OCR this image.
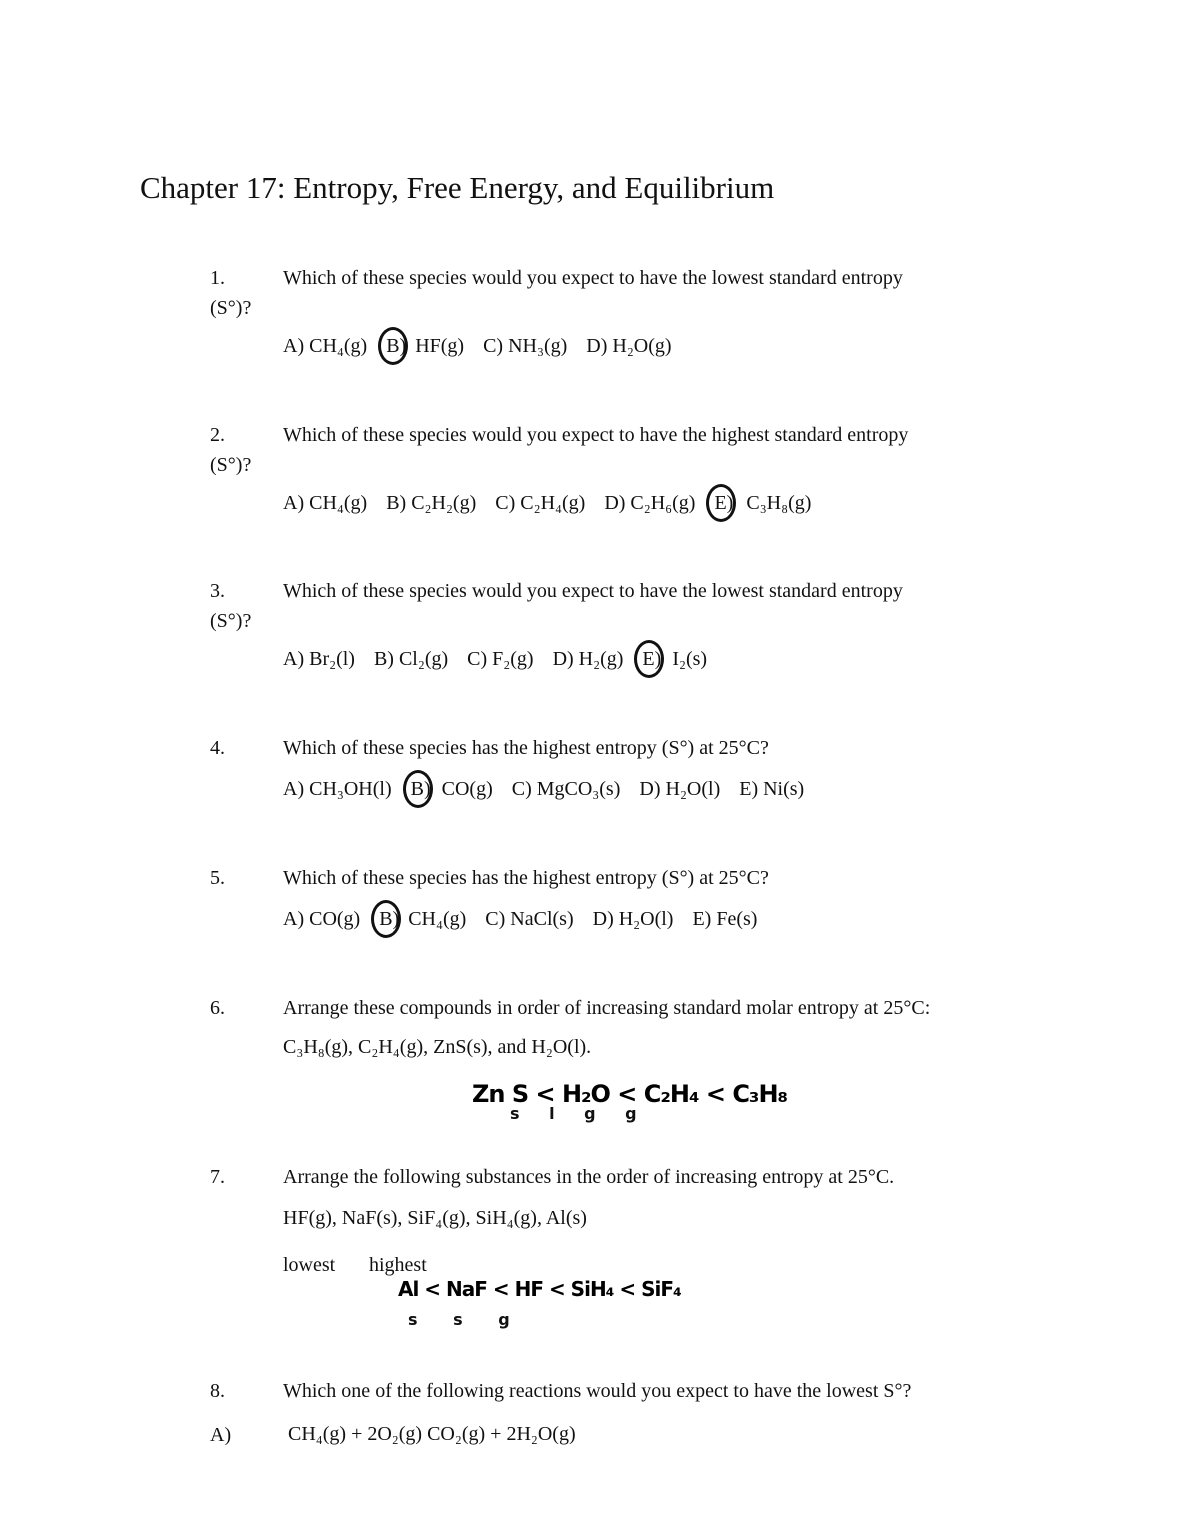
Chapter 17: Entropy, Free Energy, and Equilibrium
1.	Which of these species would you expect to have the lowest standard entropy
(S°)?
A) CH₄(g) B) HF(g) C) NH₃(g) D) H₂O(g)
2.	Which of these species would you expect to have the highest standard entropy
(S°)?
A) CH₄(g) B) C₂H₂(g) C) C₂H₄(g) D) C₂H₆(g) E) C₃H₈(g)
3.	Which of these species would you expect to have the lowest standard entropy
(S°)?
A) Br₂(l) B) Cl₂(g) C) F₂(g) D) H₂(g) E) I₂(s)
4.	Which of these species has the highest entropy (S°) at 25°C?
A) CH₃OH(l) B) CO(g) C) MgCO₃(s) D) H₂O(l) E) Ni(s)
5.	Which of these species has the highest entropy (S°) at 25°C?
A) CO(g) B) CH₄(g) C) NaCl(s) D) H₂O(l) E) Fe(s)
6.	Arrange these compounds in order of increasing standard molar entropy at 25°C:
C₃H₈(g), C₂H₄(g), ZnS(s), and H₂O(l).
Zn S < H₂O < C₂H₄ < C₃H₈
s l g g
7.	Arrange the following substances in the order of increasing entropy at 25°C.
HF(g), NaF(s), SiF₄(g), SiH₄(g), Al(s)
lowest highest
Al < NaF < HF < SiH₄ < SiF₄
s s g
8.	Which one of the following reactions would you expect to have the lowest S°?
A)	CH₄(g) + 2O₂(g) CO₂(g) + 2H₂O(g)
